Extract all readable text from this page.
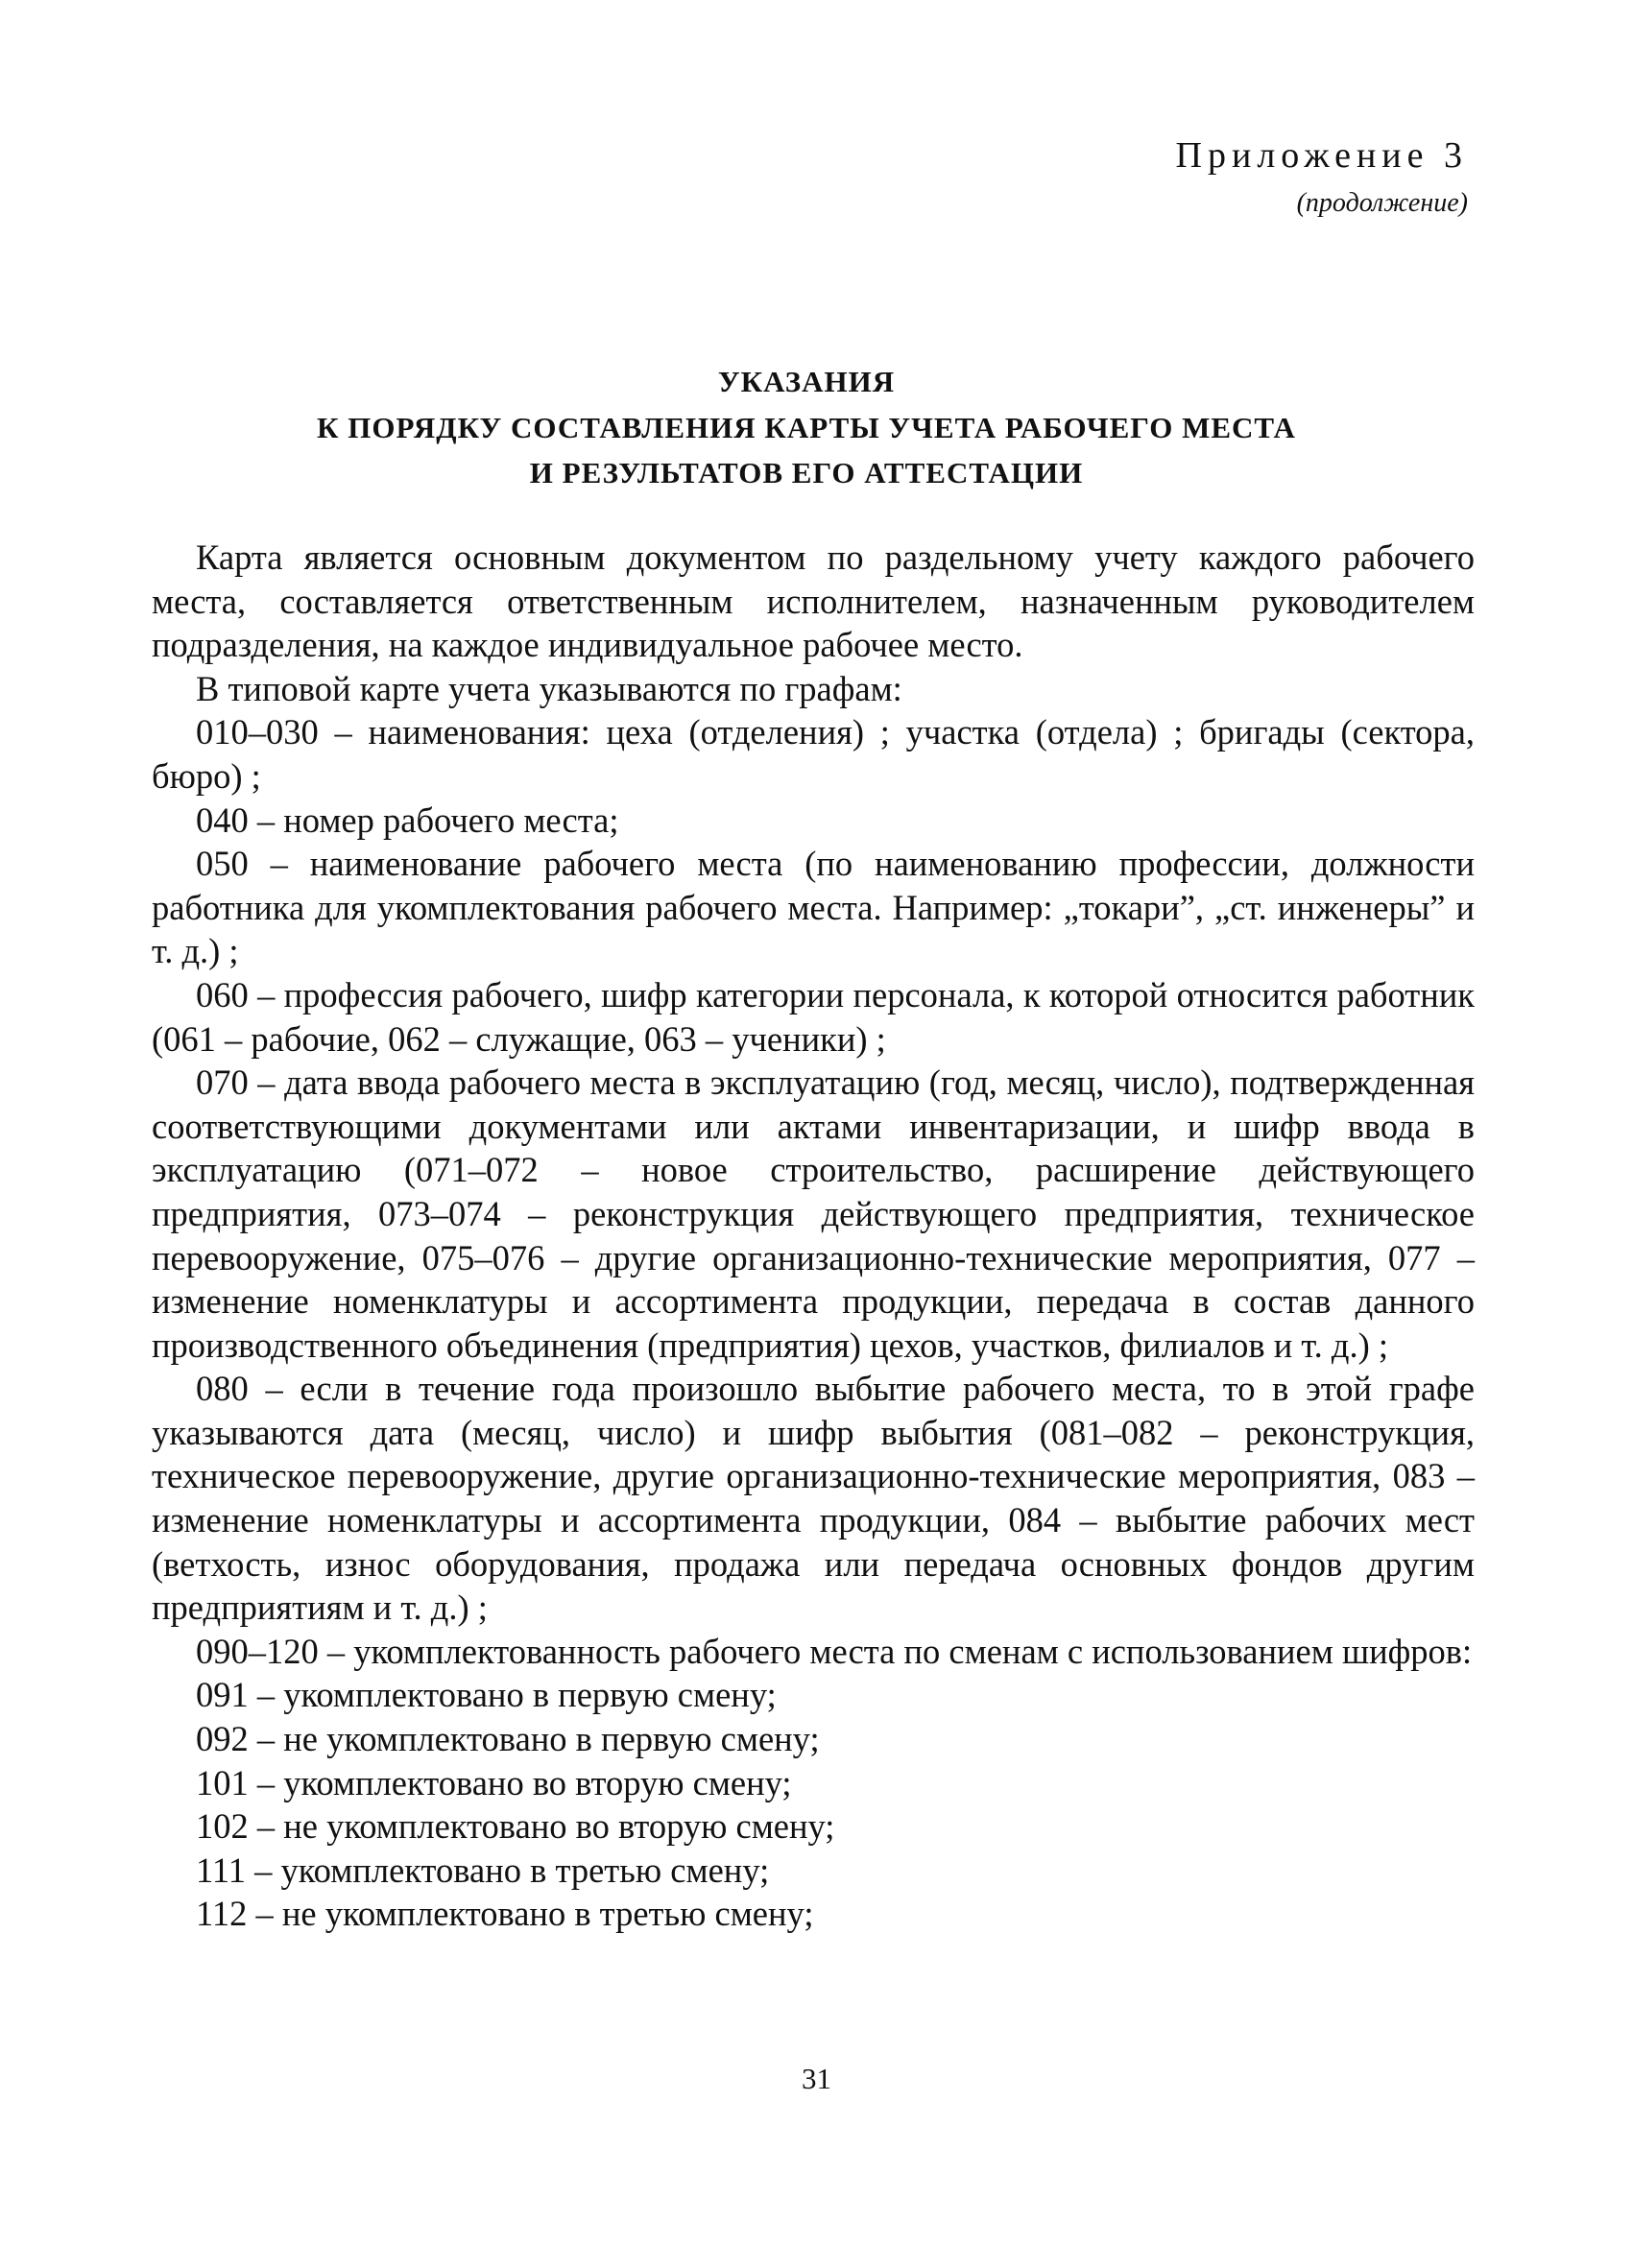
Приложение 3
(продолжение)
УКАЗАНИЯ
К ПОРЯДКУ СОСТАВЛЕНИЯ КАРТЫ УЧЕТА РАБОЧЕГО МЕСТА
И РЕЗУЛЬТАТОВ ЕГО АТТЕСТАЦИИ

Карта является основным документом по раздельному учету каждого рабочего места, составляется ответственным исполнителем, назначенным руководителем подразделения, на каждое индивидуальное рабочее место.

В типовой карте учета указываются по графам:

010–030 – наименования: цеха (отделения) ; участка (отдела) ; бригады (сектора, бюро) ;

040 – номер рабочего места;

050 – наименование рабочего места (по наименованию профессии, должности работника для укомплектования рабочего места. Например: „токари”, „ст. инженеры” и т. д.) ;

060 – профессия рабочего, шифр категории персонала, к которой относится работник (061 – рабочие, 062 – служащие, 063 – ученики) ;

070 – дата ввода рабочего места в эксплуатацию (год, месяц, число), подтвержденная соответствующими документами или актами инвентаризации, и шифр ввода в эксплуатацию (071–072 – новое строительство, расширение действующего предприятия, 073–074 – реконструкция действующего предприятия, техническое перевооружение, 075–076 – другие организационно-технические мероприятия, 077 – изменение номенклатуры и ассортимента продукции, передача в состав данного производственного объединения (предприятия) цехов, участков, филиалов и т. д.) ;

080 – если в течение года произошло выбытие рабочего места, то в этой графе указываются дата (месяц, число) и шифр выбытия (081–082 – реконструкция, техническое перевооружение, другие организационно-технические мероприятия, 083 – изменение номенклатуры и ассортимента продукции, 084 – выбытие рабочих мест (ветхость, износ оборудования, продажа или передача основных фондов другим предприятиям и т. д.) ;

090–120 – укомплектованность рабочего места по сменам с использованием шифров:

091 – укомплектовано в первую смену;

092 – не укомплектовано в первую смену;

101 – укомплектовано во вторую смену;

102 – не укомплектовано во вторую смену;

111 – укомплектовано в третью смену;

112 – не укомплектовано в третью смену;

31
